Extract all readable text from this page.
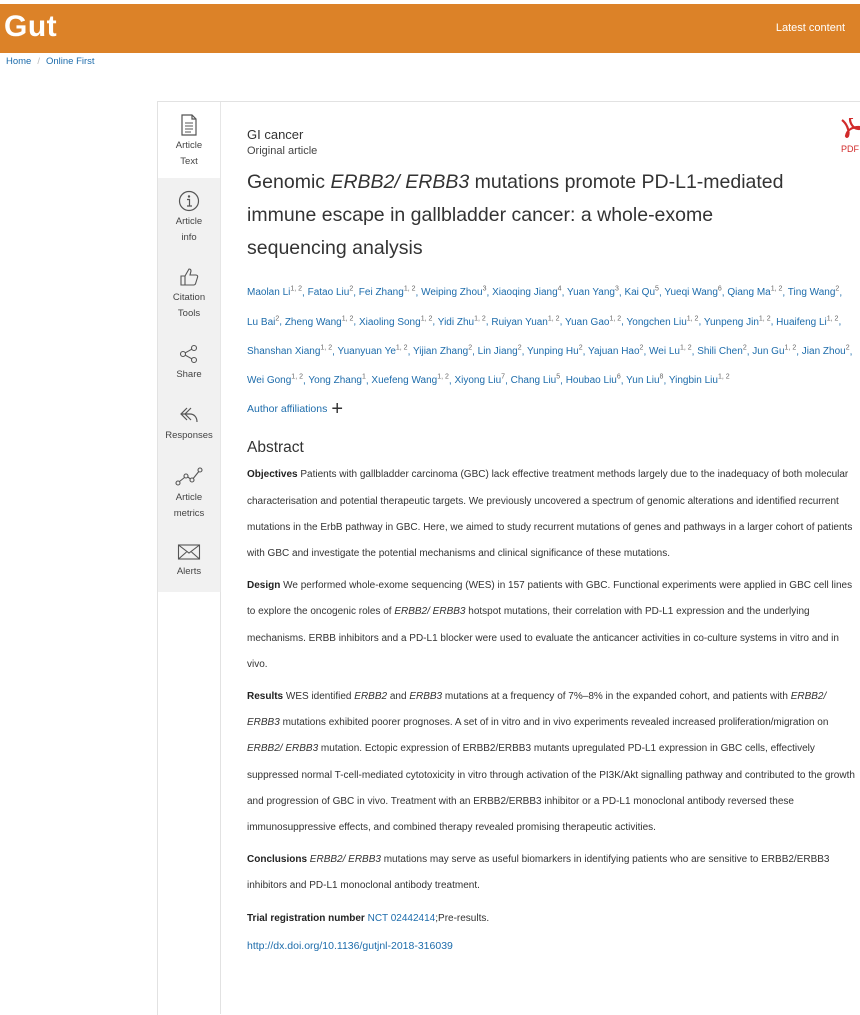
Gut	Latest content
Home / Online First
Article
Text
Article
info
Citation
Tools
Share
Responses
Article
metrics
Alerts
PDF
GI cancer
Original article
Genomic ERBB2/ ERBB3 mutations promote PD-L1-mediated immune escape in gallbladder cancer: a whole-exome sequencing analysis
Maolan Li$^{1, 2}$, Fatao Liu$^2$, Fei Zhang$^{1, 2}$, Weiping Zhou$^3$, Xiaoqing Jiang$^4$, Yuan Yang$^3$, Kai Qu$^5$, Yueqi Wang$^6$, Qiang Ma$^{1, 2}$, Ting Wang$^2$, Lu Bai$^2$, Zheng Wang$^{1, 2}$, Xiaoling Song$^{1, 2}$, Yidi Zhu$^{1, 2}$, Ruiyan Yuan$^{1, 2}$, Yuan Gao$^{1, 2}$, Yongchen Liu$^{1, 2}$, Yunpeng Jin$^{1, 2}$, Huaifeng Li$^{1, 2}$, Shanshan Xiang$^{1, 2}$, Yuanyuan Ye$^{1, 2}$, Yijian Zhang$^2$, Lin Jiang$^2$, Yunping Hu$^2$, Yajuan Hao$^2$, Wei Lu$^{1, 2}$, Shili Chen$^2$, Jun Gu$^{1, 2}$, Jian Zhou$^2$, Wei Gong$^{1, 2}$, Yong Zhang$^1$, Xuefeng Wang$^{1, 2}$, Xiyong Liu$^7$, Chang Liu$^5$, Houbao Liu$^6$, Yun Liu$^8$, Yingbin Liu$^{1, 2}$
Author affiliations +
Abstract
Objectives Patients with gallbladder carcinoma (GBC) lack effective treatment methods largely due to the inadequacy of both molecular characterisation and potential therapeutic targets. We previously uncovered a spectrum of genomic alterations and identified recurrent mutations in the ErbB pathway in GBC. Here, we aimed to study recurrent mutations of genes and pathways in a larger cohort of patients with GBC and investigate the potential mechanisms and clinical significance of these mutations.
Design We performed whole-exome sequencing (WES) in 157 patients with GBC. Functional experiments were applied in GBC cell lines to explore the oncogenic roles of ERBB2/ ERBB3 hotspot mutations, their correlation with PD-L1 expression and the underlying mechanisms. ERBB inhibitors and a PD-L1 blocker were used to evaluate the anticancer activities in co-culture systems in vitro and in vivo.
Results WES identified ERBB2 and ERBB3 mutations at a frequency of 7%–8% in the expanded cohort, and patients with ERBB2/ ERBB3 mutations exhibited poorer prognoses. A set of in vitro and in vivo experiments revealed increased proliferation/migration on ERBB2/ ERBB3 mutation. Ectopic expression of ERBB2/ERBB3 mutants upregulated PD-L1 expression in GBC cells, effectively suppressed normal T-cell-mediated cytotoxicity in vitro through activation of the PI3K/Akt signalling pathway and contributed to the growth and progression of GBC in vivo. Treatment with an ERBB2/ERBB3 inhibitor or a PD-L1 monoclonal antibody reversed these immunosuppressive effects, and combined therapy revealed promising therapeutic activities.
Conclusions ERBB2/ ERBB3 mutations may serve as useful biomarkers in identifying patients who are sensitive to ERBB2/ERBB3 inhibitors and PD-L1 monoclonal antibody treatment.
Trial registration number NCT 02442414;Pre-results.
http://dx.doi.org/10.1136/gutjnl-2018-316039
